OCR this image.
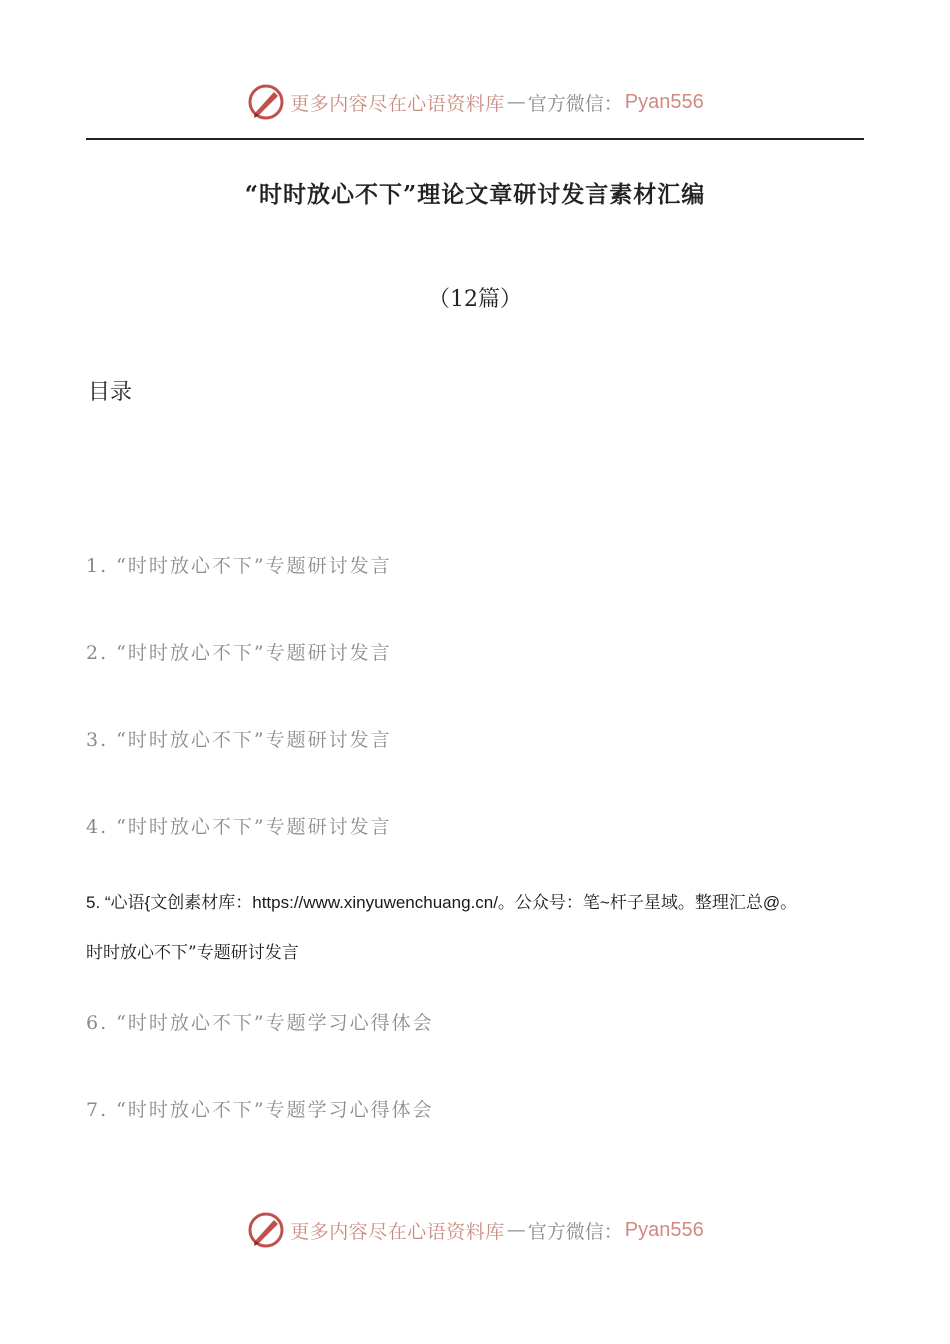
更多内容尽在心语资料库 — 官方微信： Pyan556
“时时放心不下”理论文章研讨发言素材汇编
（12篇）
目录
1. “时时放心不下”专题研讨发言
2. “时时放心不下”专题研讨发言
3. “时时放心不下”专题研讨发言
4. “时时放心不下”专题研讨发言
5. “心语{文创素材库：https://www.xinyuwenchuang.cn/。公众号：笔~杆子星域。整理汇总@。
时时放心不下”专题研讨发言
6. “时时放心不下”专题学习心得体会
7. “时时放心不下”专题学习心得体会
更多内容尽在心语资料库 — 官方微信： Pyan556
